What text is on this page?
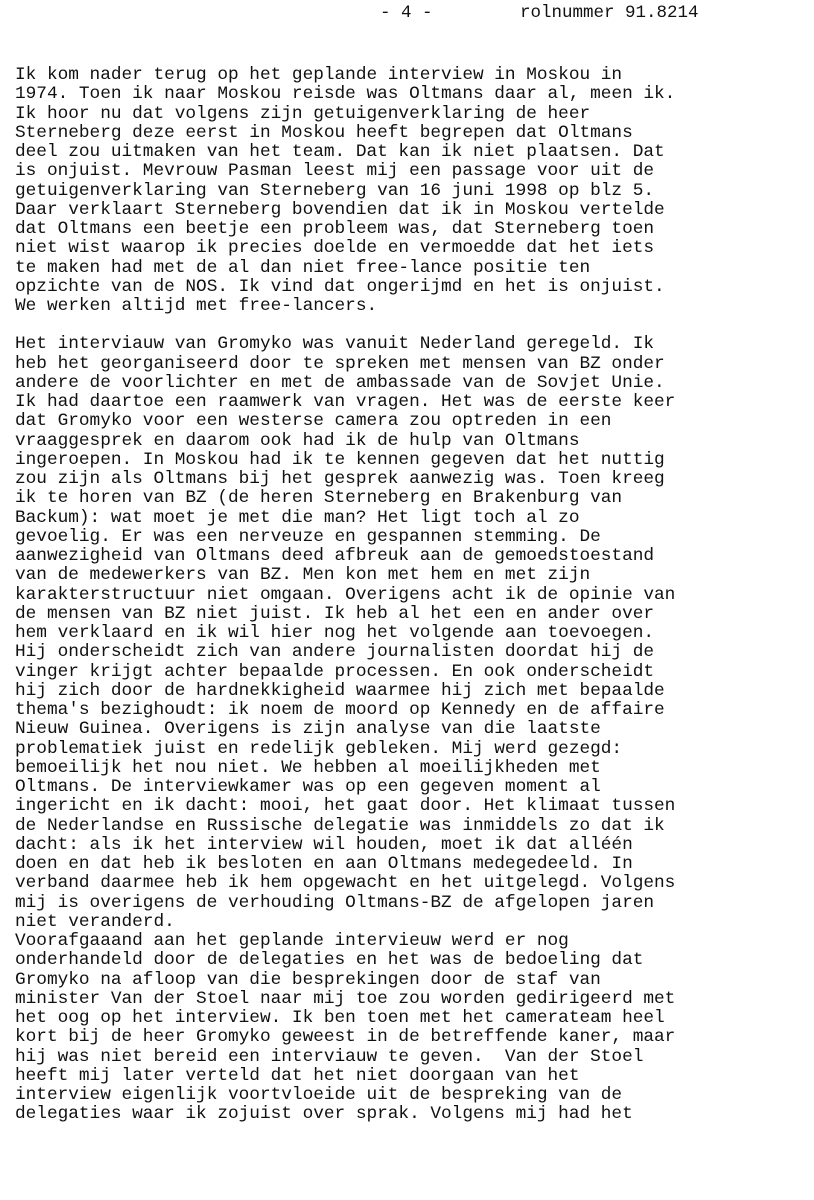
- 4 -	rolnummer 91.8214
Ik kom nader terug op het geplande interview in Moskou in
1974. Toen ik naar Moskou reisde was Oltmans daar al, meen ik.
Ik hoor nu dat volgens zijn getuigenverklaring de heer
Sterneberg deze eerst in Moskou heeft begrepen dat Oltmans
deel zou uitmaken van het team. Dat kan ik niet plaatsen. Dat
is onjuist. Mevrouw Pasman leest mij een passage voor uit de
getuigenverklaring van Sterneberg van 16 juni 1998 op blz 5.
Daar verklaart Sterneberg bovendien dat ik in Moskou vertelde
dat Oltmans een beetje een probleem was, dat Sterneberg toen
niet wist waarop ik precies doelde en vermoedde dat het iets
te maken had met de al dan niet free-lance positie ten
opzichte van de NOS. Ik vind dat ongerijmd en het is onjuist.
We werken altijd met free-lancers.
Het interviauw van Gromyko was vanuit Nederland geregeld. Ik
heb het georganiseerd door te spreken met mensen van BZ onder
andere de voorlichter en met de ambassade van de Sovjet Unie.
Ik had daartoe een raamwerk van vragen. Het was de eerste keer
dat Gromyko voor een westerse camera zou optreden in een
vraaggesprek en daarom ook had ik de hulp van Oltmans
ingeroepen. In Moskou had ik te kennen gegeven dat het nuttig
zou zijn als Oltmans bij het gesprek aanwezig was. Toen kreeg
ik te horen van BZ (de heren Sterneberg en Brakenburg van
Backum): wat moet je met die man? Het ligt toch al zo
gevoelig. Er was een nerveuze en gespannen stemming. De
aanwezigheid van Oltmans deed afbreuk aan de gemoedstoestand
van de medewerkers van BZ. Men kon met hem en met zijn
karakterstructuur niet omgaan. Overigens acht ik de opinie van
de mensen van BZ niet juist. Ik heb al het een en ander over
hem verklaard en ik wil hier nog het volgende aan toevoegen.
Hij onderscheidt zich van andere journalisten doordat hij de
vinger krijgt achter bepaalde processen. En ook onderscheidt
hij zich door de hardnekkigheid waarmee hij zich met bepaalde
thema's bezighoudt: ik noem de moord op Kennedy en de affaire
Nieuw Guinea. Overigens is zijn analyse van die laatste
problematiek juist en redelijk gebleken. Mij werd gezegd:
bemoeilijk het nou niet. We hebben al moeilijkheden met
Oltmans. De interviewkamer was op een gegeven moment al
ingericht en ik dacht: mooi, het gaat door. Het klimaat tussen
de Nederlandse en Russische delegatie was inmiddels zo dat ik
dacht: als ik het interview wil houden, moet ik dat alléén
doen en dat heb ik besloten en aan Oltmans medegedeeld. In
verband daarmee heb ik hem opgewacht en het uitgelegd. Volgens
mij is overigens de verhouding Oltmans-BZ de afgelopen jaren
niet veranderd.
Voorafgaaand aan het geplande intervieuw werd er nog
onderhandeld door de delegaties en het was de bedoeling dat
Gromyko na afloop van die besprekingen door de staf van
minister Van der Stoel naar mij toe zou worden gedirigeerd met
het oog op het interview. Ik ben toen met het camerateam heel
kort bij de heer Gromyko geweest in de betreffende kaner, maar
hij was niet bereid een interviauw te geven.  Van der Stoel
heeft mij later verteld dat het niet doorgaan van het
interview eigenlijk voortvloeide uit de bespreking van de
delegaties waar ik zojuist over sprak. Volgens mij had het
